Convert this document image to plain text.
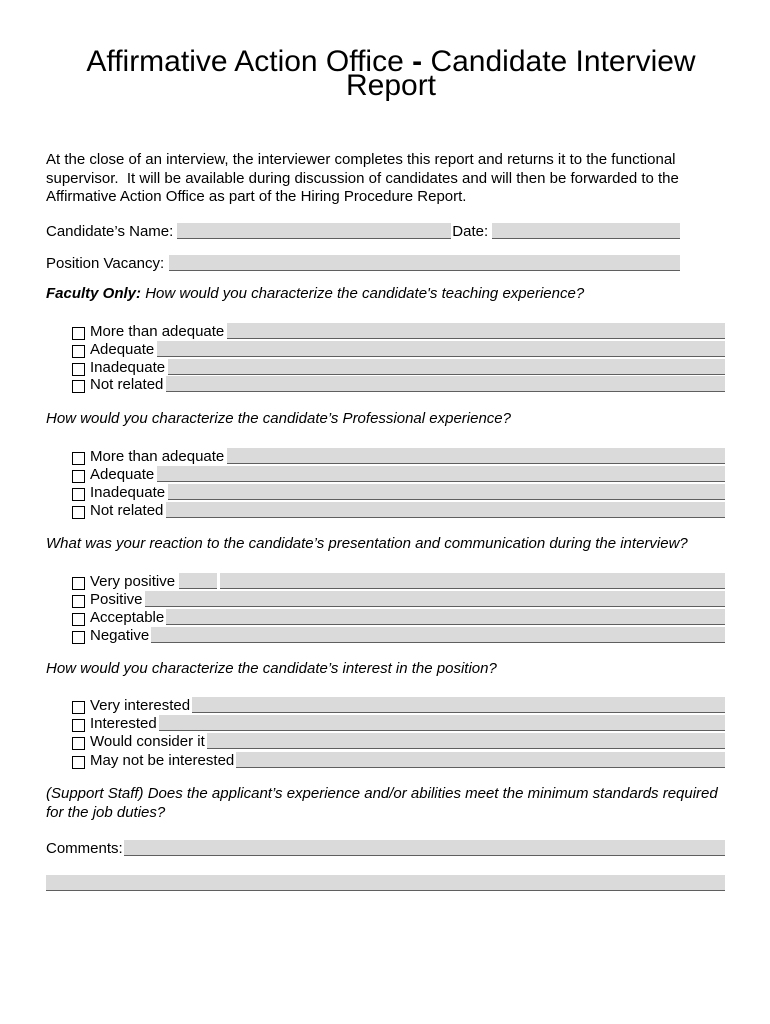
Affirmative Action Office - Candidate Interview
Report

At the close of an interview, the interviewer completes this report and returns it to the functional
supervisor.  It will be available during discussion of candidates and will then be forwarded to the
Affirmative Action Office as part of the Hiring Procedure Report.

Candidate’s Name:	Date:
Position Vacancy:
Faculty Only: How would you characterize the candidate's teaching experience?
More than adequate
Adequate
Inadequate
Not related
How would you characterize the candidate’s Professional experience?
More than adequate
Adequate
Inadequate
Not related
What was your reaction to the candidate’s presentation and communication during the interview?
Very positive
Positive
Acceptable
Negative
How would you characterize the candidate’s interest in the position?
Very interested
Interested
Would consider it
May not be interested

(Support Staff) Does the applicant’s experience and/or abilities meet the minimum standards required
for the job duties?

Comments:
